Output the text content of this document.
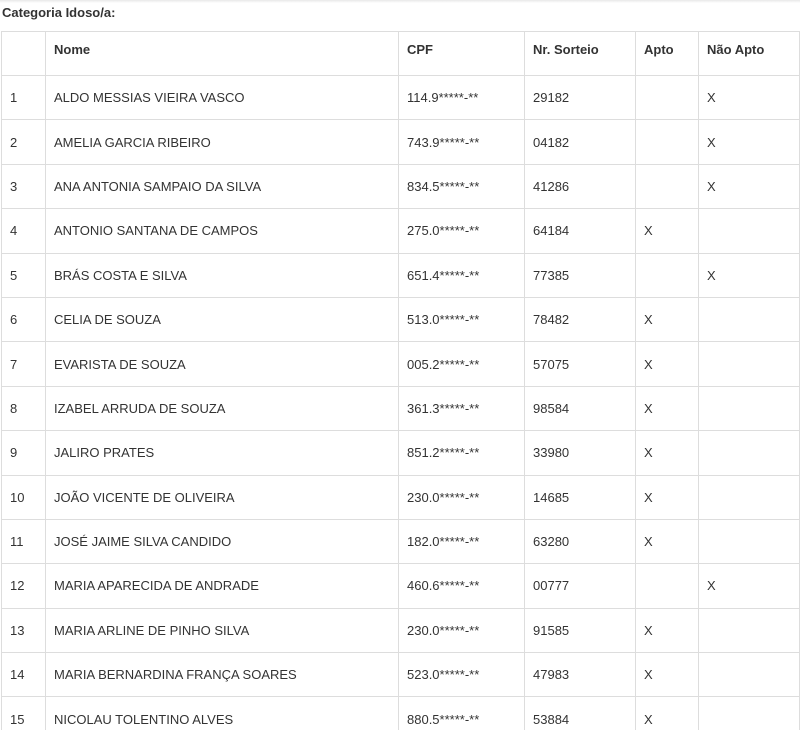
Categoria Idoso/a:
	Nome	CPF	Nr. Sorteio	Apto	Não Apto
1	ALDO MESSIAS VIEIRA VASCO	114.9*****-**	29182		X
2	AMELIA GARCIA RIBEIRO	743.9*****-**	04182		X
3	ANA ANTONIA SAMPAIO DA SILVA	834.5*****-**	41286		X
4	ANTONIO SANTANA DE CAMPOS	275.0*****-**	64184	X	
5	BRÁS COSTA E SILVA	651.4*****-**	77385		X
6	CELIA DE SOUZA	513.0*****-**	78482	X	
7	EVARISTA DE SOUZA	005.2*****-**	57075	X	
8	IZABEL ARRUDA DE SOUZA	361.3*****-**	98584	X	
9	JALIRO PRATES	851.2*****-**	33980	X	
10	JOÃO VICENTE DE OLIVEIRA	230.0*****-**	14685	X	
11	JOSÉ JAIME SILVA CANDIDO	182.0*****-**	63280	X	
12	MARIA APARECIDA DE ANDRADE	460.6*****-**	00777		X
13	MARIA ARLINE DE PINHO SILVA	230.0*****-**	91585	X	
14	MARIA BERNARDINA FRANÇA SOARES	523.0*****-**	47983	X	
15	NICOLAU TOLENTINO ALVES	880.5*****-**	53884	X	
